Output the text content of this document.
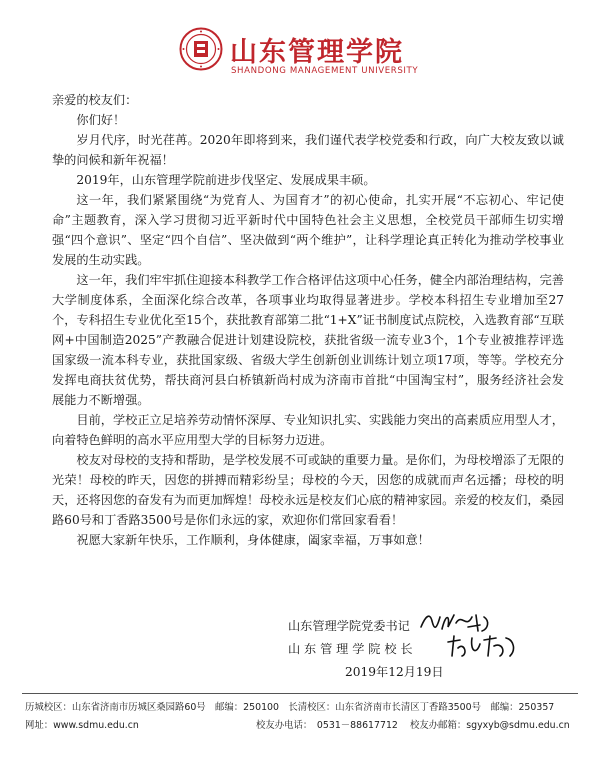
山东管理学院
SHANDONG MANAGEMENT UNIVERSITY

亲爱的校友们：

你们好！

岁月代序，时光荏苒。2020年即将到来，我们谨代表学校党委和行政，向广大校友致以诚挚的问候和新年祝福！

2019年，山东管理学院前进步伐坚定、发展成果丰硕。

这一年，我们紧紧围绕“为党育人、为国育才”的初心使命，扎实开展“不忘初心、牢记使命”主题教育，深入学习贯彻习近平新时代中国特色社会主义思想，全校党员干部师生切实增强“四个意识”、坚定“四个自信”、坚决做到“两个维护”，让科学理论真正转化为推动学校事业发展的生动实践。

这一年，我们牢牢抓住迎接本科教学工作合格评估这项中心任务，健全内部治理结构，完善大学制度体系，全面深化综合改革，各项事业均取得显著进步。学校本科招生专业增加至27个，专科招生专业优化至15个，获批教育部第二批“1+X”证书制度试点院校，入选教育部“互联网+中国制造2025”产教融合促进计划建设院校，获批省级一流专业3个，1个专业被推荐评选国家级一流本科专业，获批国家级、省级大学生创新创业训练计划立项17项，等等。学校充分发挥电商扶贫优势，帮扶商河县白桥镇新尚村成为济南市首批“中国淘宝村”，服务经济社会发展能力不断增强。

目前，学校正立足培养劳动情怀深厚、专业知识扎实、实践能力突出的高素质应用型人才，向着特色鲜明的高水平应用型大学的目标努力迈进。

校友对母校的支持和帮助，是学校发展不可或缺的重要力量。是你们，为母校增添了无限的光荣！母校的昨天，因您的拼搏而精彩纷呈；母校的今天，因您的成就而声名远播；母校的明天，还将因您的奋发有为而更加辉煌！母校永远是校友们心底的精神家园。亲爱的校友们，桑园路60号和丁香路3500号是你们永远的家，欢迎你们常回家看看！

祝愿大家新年快乐，工作顺利，身体健康，阖家幸福，万事如意！

山东管理学院党委书记
山 东 管 理 学 院 校 长
2019年12月19日
历城校区：山东省济南市历城区桑园路60号　邮编：250100　长清校区：山东省济南市长清区丁香路3500号　邮编：250357
网址：www.sdmu.edu.cn	校友办电话：　0531－88617712 校友办邮箱：sgyxyb@sdmu.edu.cn
